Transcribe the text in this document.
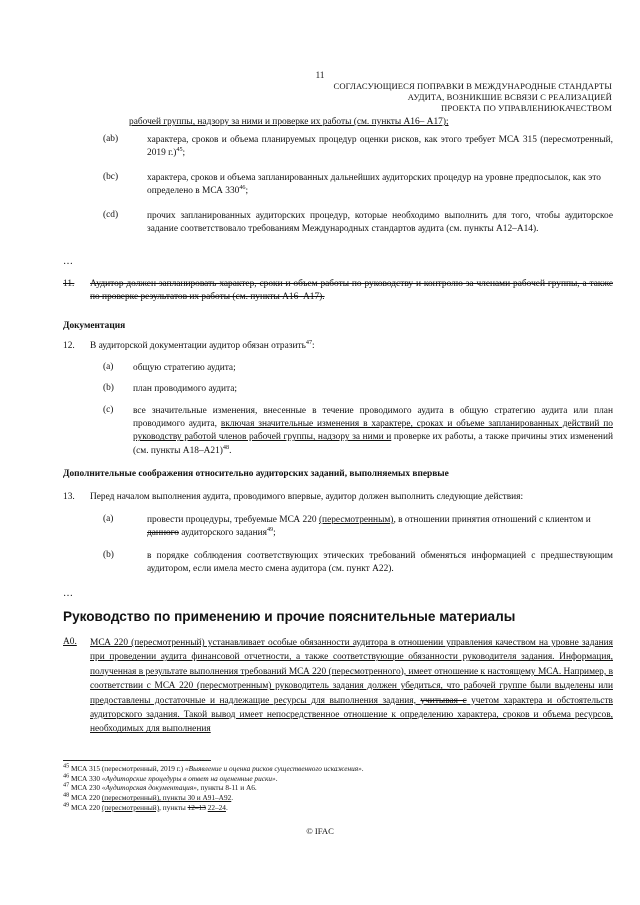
11
СОГЛАСУЮЩИЕСЯ ПОПРАВКИ В МЕЖДУНАРОДНЫЕ СТАНДАРТЫ
АУДИТА, ВОЗНИКШИЕ ВСВЯЗИ С РЕАЛИЗАЦИЕЙ
ПРОЕКТА ПО УПРАВЛЕНИЮКАЧЕСТВОМ
рабочей группы, надзору за ними и проверке их работы (см. пункты А16– А17);
(ab)	характера, сроков и объема планируемых процедур оценки рисков, как этого требует МСА 315 (пересмотренный, 2019 г.)$^{45}$;
(bc)	характера, сроков и объема запланированных дальнейших аудиторских процедур на уровне предпосылок, как это определено в МСА $330^{46}$;
(cd)	прочих запланированных аудиторских процедур, которые необходимо выполнить для того, чтобы аудиторское задание соответствовало требованиям Международных стандартов аудита (см. пункты А12–А14).
…
11. Аудитор должен запланировать характер, сроки и объем работы по руководству и контролю за членами рабочей группы, а также по проверке результатов их работы (см. пункты А16–А17).
Документация
12. В аудиторской документации аудитор обязан отразить$^{47}$:
(a) общую стратегию аудита;
(b) план проводимого аудита;
(c) все значительные изменения, внесенные в течение проводимого аудита в общую стратегию аудита или план проводимого аудита, включая значительные изменения в характере, сроках и объеме запланированных действий по руководству работой членов рабочей группы, надзору за ними и проверке их работы, а также причины этих изменений (см. пункты А18–А21)$^{48}$.
Дополнительные соображения относительно аудиторских заданий, выполняемых впервые
13. Перед началом выполнения аудита, проводимого впервые, аудитор должен выполнить следующие действия:
(a)	провести процедуры, требуемые МСА 220 (пересмотренным), в отношении принятия отношений с клиентом и данного аудиторского задания$^{49}$;
(b)	в порядке соблюдения соответствующих этических требований обменяться информацией с предшествующим аудитором, если имела место смена аудитора (см. пункт А22).
…
Руководство по применению и прочие пояснительные материалы
А0. МСА 220 (пересмотренный) устанавливает особые обязанности аудитора в отношении управления качеством на уровне задания при проведении аудита финансовой отчетности, а также соответствующие обязанности руководителя задания. Информация, полученная в результате выполнения требований МСА 220 (пересмотренного), имеет отношение к настоящему МСА. Например, в соответствии с МСА 220 (пересмотренным) руководитель задания должен убедиться, что рабочей группе были выделены или предоставлены достаточные и надлежащие ресурсы для выполнения задания, учитывая с учетом характера и обстоятельств аудиторского задания. Такой вывод имеет непосредственное отношение к определению характера, сроков и объема ресурсов, необходимых для выполнения
$^{45}$ МСА 315 (пересмотренный, 2019 г.) «Выявление и оценка рисков существенного искажения».
$^{46}$ МСА 330 «Аудиторские процедуры в ответ на оцененные риски».
$^{47}$ МСА 230 «Аудиторская документация», пункты 8-11 и А6.
$^{48}$ МСА 220 (пересмотренный), пункты 30 и А91–А92.
$^{49}$ МСА 220 (пересмотренный), пункты 12–13 22–24.
© IFAC
